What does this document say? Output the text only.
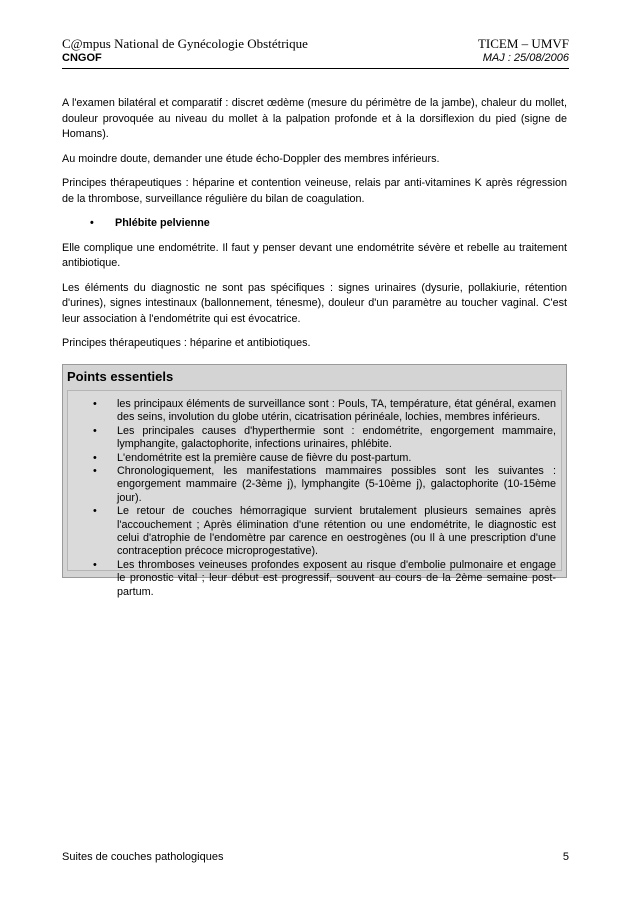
C@mpus National de Gynécologie Obstétrique	TICEM – UMVF
CNGOF	MAJ : 25/08/2006

A l'examen bilatéral et comparatif : discret œdème (mesure du périmètre de la jambe), chaleur du mollet, douleur provoquée au niveau du mollet à la palpation profonde et à la dorsiflexion du pied (signe de Homans).

Au moindre doute, demander une étude écho-Doppler des membres inférieurs.

Principes thérapeutiques : héparine et contention veineuse, relais par anti-vitamines K après régression de la thrombose, surveillance régulière du bilan de coagulation.

• Phlébite pelvienne

Elle complique une endométrite. Il faut y penser devant une endométrite sévère et rebelle au traitement antibiotique.

Les éléments du diagnostic ne sont pas spécifiques : signes urinaires (dysurie, pollakiurie, rétention d'urines), signes intestinaux (ballonnement, ténesme), douleur d'un paramètre au toucher vaginal. C'est leur association à l'endométrite qui est évocatrice.

Principes thérapeutiques : héparine et antibiotiques.

Points essentiels
• les principaux éléments de surveillance sont : Pouls, TA, température, état général, examen des seins, involution du globe utérin, cicatrisation périnéale, lochies, membres inférieurs.
• Les principales causes d'hyperthermie sont : endométrite, engorgement mammaire, lymphangite, galactophorite, infections urinaires, phlébite.
• L'endométrite est la première cause de fièvre du post-partum.
• Chronologiquement, les manifestations mammaires possibles sont les suivantes : engorgement mammaire (2-3ème j), lymphangite (5-10ème j), galactophorite (10-15ème jour).
• Le retour de couches hémorragique survient brutalement plusieurs semaines après l'accouchement ; Après élimination d'une rétention ou une endométrite, le diagnostic est celui d'atrophie de l'endomètre par carence en oestrogènes (ou Il à une prescription d'une contraception précoce microprogestative).
• Les thromboses veineuses profondes exposent au risque d'embolie pulmonaire et engage le pronostic vital ; leur début est progressif, souvent au cours de la 2ème semaine post-partum.
Suites de couches pathologiques	5
